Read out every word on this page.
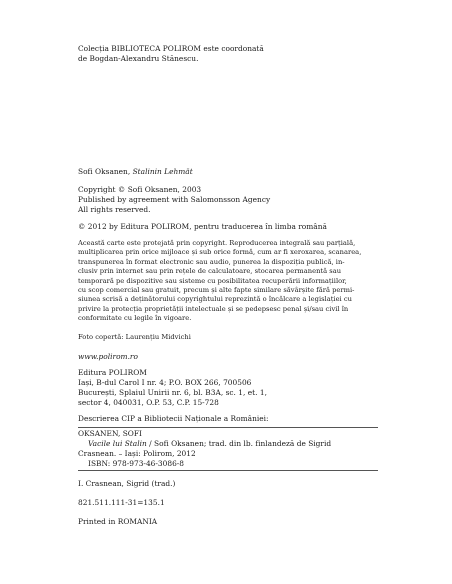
Colecția BIBLIOTECA POLIROM este coordonată
de Bogdan-Alexandru Stănescu.
Sofi Oksanen, Stalinin Lehmät
Copyright © Sofi Oksanen, 2003
Published by agreement with Salomonsson Agency
All rights reserved.
© 2012 by Editura POLIROM, pentru traducerea în limba română
Această carte este protejată prin copyright. Reproducerea integrală sau parțială,
multiplicarea prin orice mijloace și sub orice formă, cum ar fi xeroxarea, scanarea,
transpunerea în format electronic sau audio, punerea la dispoziția publică, in-
clusiv prin internet sau prin rețele de calculatoare, stocarea permanentă sau
temporară pe dispozitive sau sisteme cu posibilitatea recuperării informațiilor,
cu scop comercial sau gratuit, precum și alte fapte similare săvârșite fără permi-
siunea scrisă a deținătorului copyrightului reprezintă o încălcare a legislației cu
privire la protecția proprietății intelectuale și se pedepsesc penal și/sau civil în
conformitate cu legile în vigoare.
Foto copertă: Laurențiu Midvichi
www.polirom.ro
Editura POLIROM
Iași, B-dul Carol I nr. 4; P.O. BOX 266, 700506
București, Splaiul Unirii nr. 6, bl. B3A, sc. 1, et. 1,
sector 4, 040031, O.P. 53, C.P. 15-728
Descrierea CIP a Bibliotecii Naționale a României:
OKSANEN, SOFI
Vacile lui Stalin / Sofi Oksanen; trad. din lb. finlandeză de Sigrid
Crasnean. – Iași: Polirom, 2012
ISBN: 978-973-46-3086-8
I. Crasnean, Sigrid (trad.)
821.511.111-31=135.1
Printed in ROMANIA
